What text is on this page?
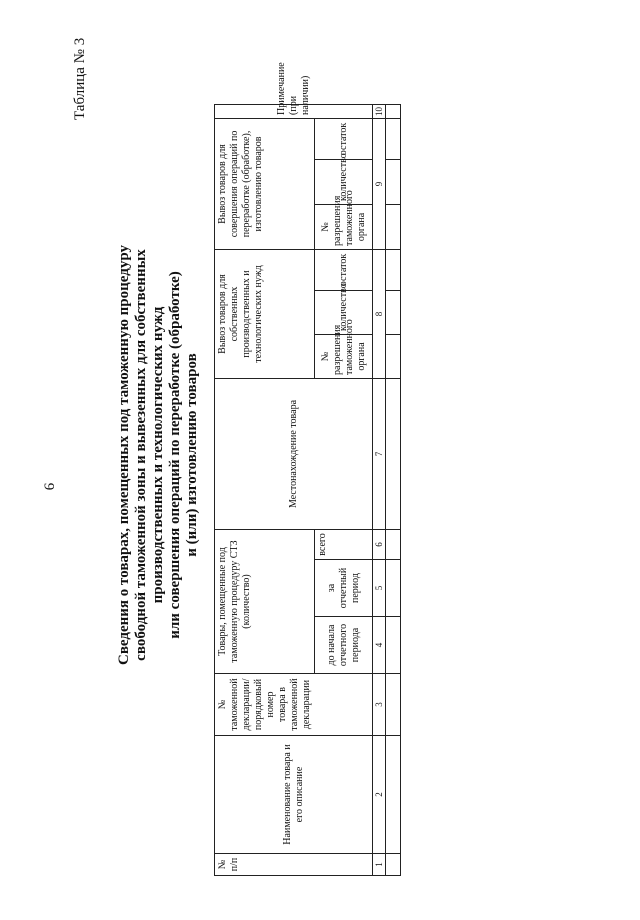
9
Таблица № 3
Сведения о товарах, помещенных под таможенную процедуру свободной таможенной зоны и вывезенных для собственных производственных и технологических нужд или совершения операций по переработке (обработке) и (или) изготовлению товаров
№ п/п	Наименование товара и его описание	№ таможенной декларации/ порядковый номер товара в таможенной декларации	Товары, помещенные под таможенную процедуру СТЗ (количество)			Местонахождение товара	Вывоз товаров для собственных производственных и технологических нужд			Вывоз товаров для совершения операций по переработке (обработке), изготовлению товаров			Примечание (при наличии)
			до начала отчетного периода	за отчетный период	всего		№ разрешения таможенного органа	количество	остаток	№ разрешения таможенного органа	количество	остаток	
1	2	3	4	5	6	7	8			9			10
